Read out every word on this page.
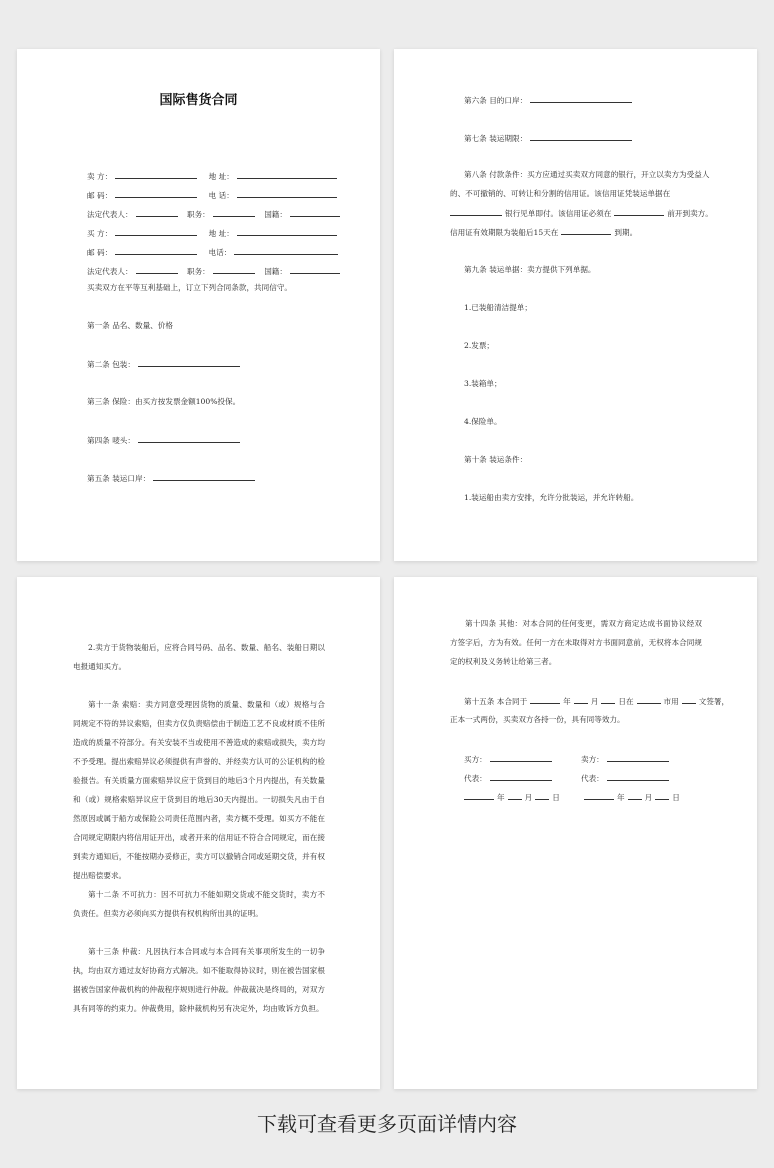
国际售货合同
卖 方：	地 址：
邮 码：	电 话：
法定代表人：	职务：	国籍：
买 方：	地 址：
邮 码：	电话：
法定代表人：	职务：	国籍：
买卖双方在平等互利基础上，订立下列合同条款，共同信守。
第一条 品名、数量、价格
第二条 包装：
第三条 保险：由买方按发票金额100%投保。
第四条 唛头：
第五条 装运口岸：
第六条 目的口岸：
第七条 装运期限：
第八条 付款条件：买方应通过买卖双方同意的银行，开立以卖方为受益人
的、不可撤销的、可转让和分割的信用证。该信用证凭装运单据在
银行见单即付。该信用证必须在	前开到卖方。
信用证有效期限为装船后15天在	到期。
第九条 装运单据：卖方提供下列单据。
1.已装船清洁提单；
2.发票；
3.装箱单；
4.保险单。
第十条 装运条件：
1.装运船由卖方安排，允许分批装运，并允许转船。
2.卖方于货物装船后，应将合同号码、品名、数量、船名、装船日期以电报通知买方。
第十一条 索赔：卖方同意受理因货物的质量、数量和（或）规格与合同规定不符的异议索赔，但卖方仅负责赔偿由于制造工艺不良或材质不佳所造成的质量不符部分。有关安装不当或使用不善造成的索赔或损失，卖方均不予受理。提出索赔异议必须提供有声誉的、并经卖方认可的公证机构的检验报告。有关质量方面索赔异议应于货到目的地后3个月内提出，有关数量和（或）规格索赔异议应于货到目的地后30天内提出。一切损失凡由于自然原因或属于船方或保险公司责任范围内者，卖方概不受理。如买方不能在合同规定期限内将信用证开出，或者开来的信用证不符合合同规定，而在接到卖方通知后，不能按期办妥修正，卖方可以撤销合同或延期交货，并有权提出赔偿要求。
第十二条 不可抗力：因不可抗力不能如期交货或不能交货时，卖方不负责任。但卖方必须向买方提供有权机构所出具的证明。
第十三条 仲裁：凡因执行本合同或与本合同有关事项所发生的一切争执，均由双方通过友好协商方式解决。如不能取得协议时，则在被告国家根据被告国家仲裁机构的仲裁程序规则进行仲裁。仲裁裁决是终局的，对双方具有同等的约束力。仲裁费用，除仲裁机构另有决定外，均由败诉方负担。
第十四条 其他：对本合同的任何变更，需双方商定达成书面协议经双方签字后，方为有效。任何一方在未取得对方书面同意前，无权将本合同规定的权利及义务转让给第三者。
第十五条 本合同于	年	月	日在	市用	文签署，
正本一式两份，买卖双方各持一份，具有同等效力。
买方：	卖方：
代表：	代表：
年	月	日	年	月	日
下载可查看更多页面详情内容
